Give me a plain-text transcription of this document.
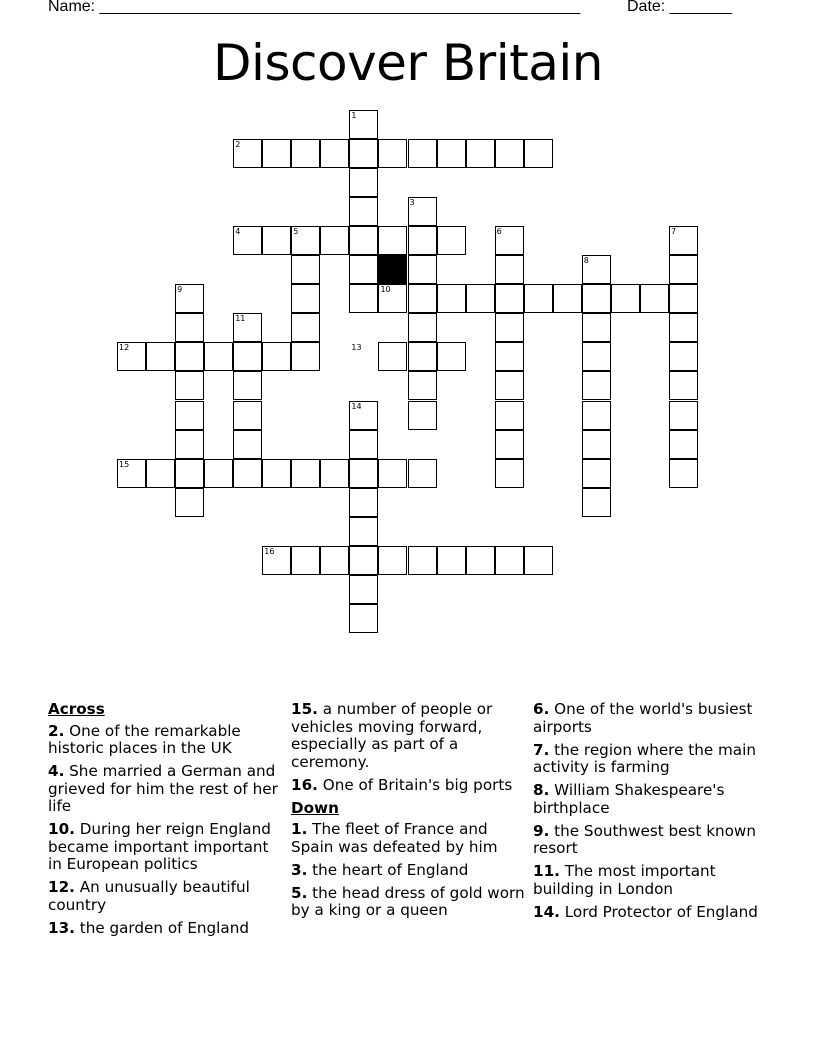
Name: ______________________________________________________	Date: _______
Discover Britain
1
2
3
4	5	6	7
8
9	10
11
12	13
14
15
16
Across
2. One of the remarkable historic places in the UK
4. She married a German and grieved for him the rest of her life
10. During her reign England became important important in European politics
12. An unusually beautiful country
13. the garden of England
15. a number of people or vehicles moving forward, especially as part of a ceremony.
16. One of Britain's big ports
Down
1. The fleet of France and Spain was defeated by him
3. the heart of England
5. the head dress of gold worn by a king or a queen
6. One of the world's busiest airports
7. the region where the main activity is farming
8. William Shakespeare's birthplace
9. the Southwest best known resort
11. The most important building in London
14. Lord Protector of England
